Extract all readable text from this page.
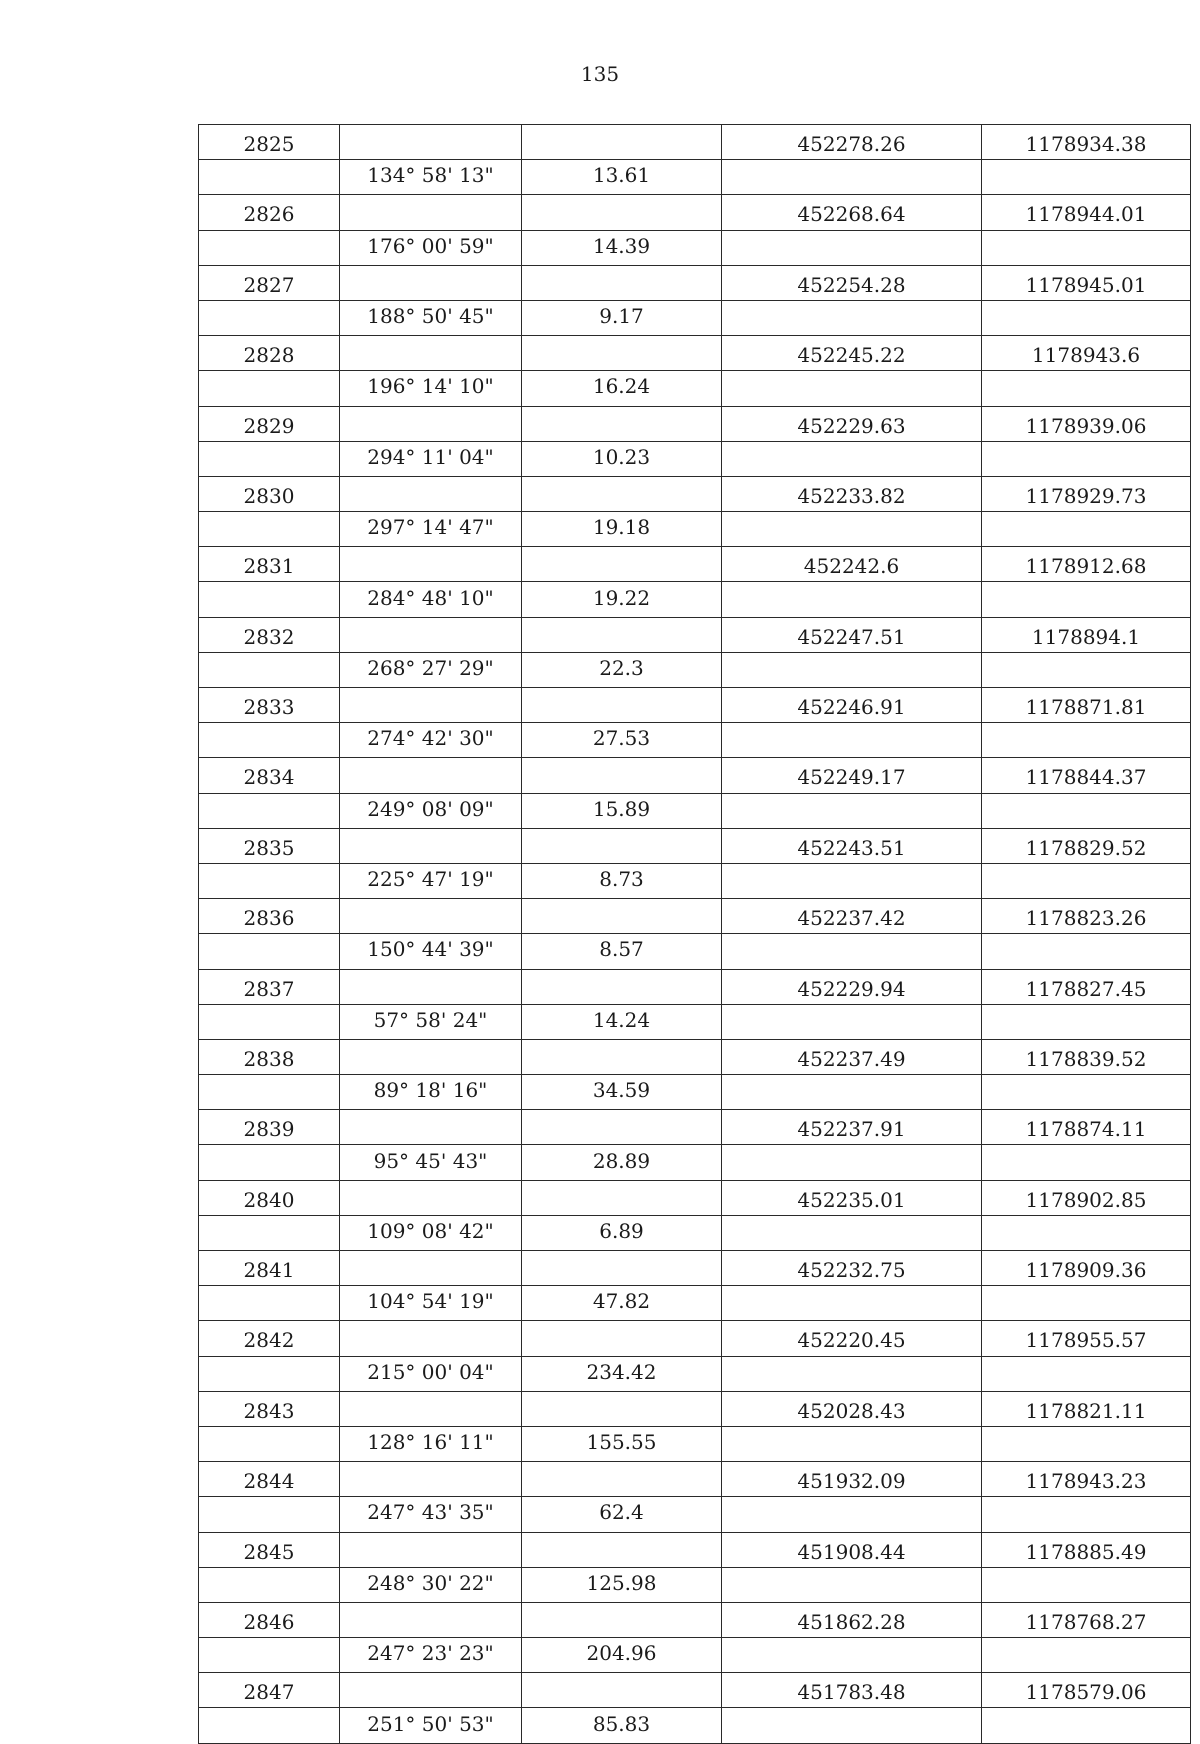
135
2825			452278.26	1178934.38
	134° 58' 13"	13.61		
2826			452268.64	1178944.01
	176° 00' 59"	14.39		
2827			452254.28	1178945.01
	188° 50' 45"	9.17		
2828			452245.22	1178943.6
	196° 14' 10"	16.24		
2829			452229.63	1178939.06
	294° 11' 04"	10.23		
2830			452233.82	1178929.73
	297° 14' 47"	19.18		
2831			452242.6	1178912.68
	284° 48' 10"	19.22		
2832			452247.51	1178894.1
	268° 27' 29"	22.3		
2833			452246.91	1178871.81
	274° 42' 30"	27.53		
2834			452249.17	1178844.37
	249° 08' 09"	15.89		
2835			452243.51	1178829.52
	225° 47' 19"	8.73		
2836			452237.42	1178823.26
	150° 44' 39"	8.57		
2837			452229.94	1178827.45
	57° 58' 24"	14.24		
2838			452237.49	1178839.52
	89° 18' 16"	34.59		
2839			452237.91	1178874.11
	95° 45' 43"	28.89		
2840			452235.01	1178902.85
	109° 08' 42"	6.89		
2841			452232.75	1178909.36
	104° 54' 19"	47.82		
2842			452220.45	1178955.57
	215° 00' 04"	234.42		
2843			452028.43	1178821.11
	128° 16' 11"	155.55		
2844			451932.09	1178943.23
	247° 43' 35"	62.4		
2845			451908.44	1178885.49
	248° 30' 22"	125.98		
2846			451862.28	1178768.27
	247° 23' 23"	204.96		
2847			451783.48	1178579.06
	251° 50' 53"	85.83		
